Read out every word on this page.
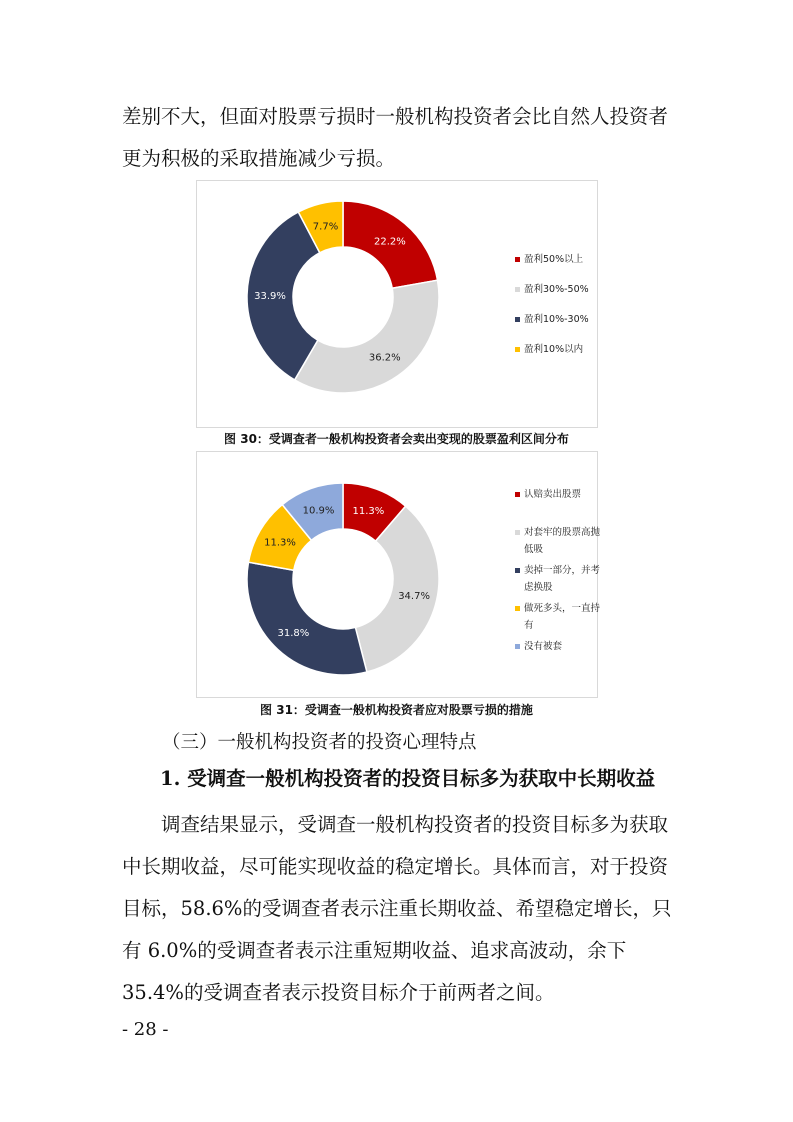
差别不大，但面对股票亏损时一般机构投资者会比自然人投资者更为积极的采取措施减少亏损。

22.2%
36.2%
33.9%
7.7%
盈利50%以上
盈利30%-50%
盈利10%-30%
盈利10%以内
图 30：受调查者一般机构投资者会卖出变现的股票盈利区间分布
11.3%
34.7%
31.8%
11.3%
10.9%
认赔卖出股票
对套牢的股票高抛低吸
卖掉一部分，并考虑换股
做死多头，一直持有
没有被套
图 31：受调查一般机构投资者应对股票亏损的措施
（三）一般机构投资者的投资心理特点
1. 受调查一般机构投资者的投资目标多为获取中长期收益

调查结果显示，受调查一般机构投资者的投资目标多为获取中长期收益，尽可能实现收益的稳定增长。具体而言，对于投资目标，58.6%的受调查者表示注重长期收益、希望稳定增长，只有 6.0%的受调查者表示注重短期收益、追求高波动，余下 35.4%的受调查者表示投资目标介于前两者之间。

- 28 -
